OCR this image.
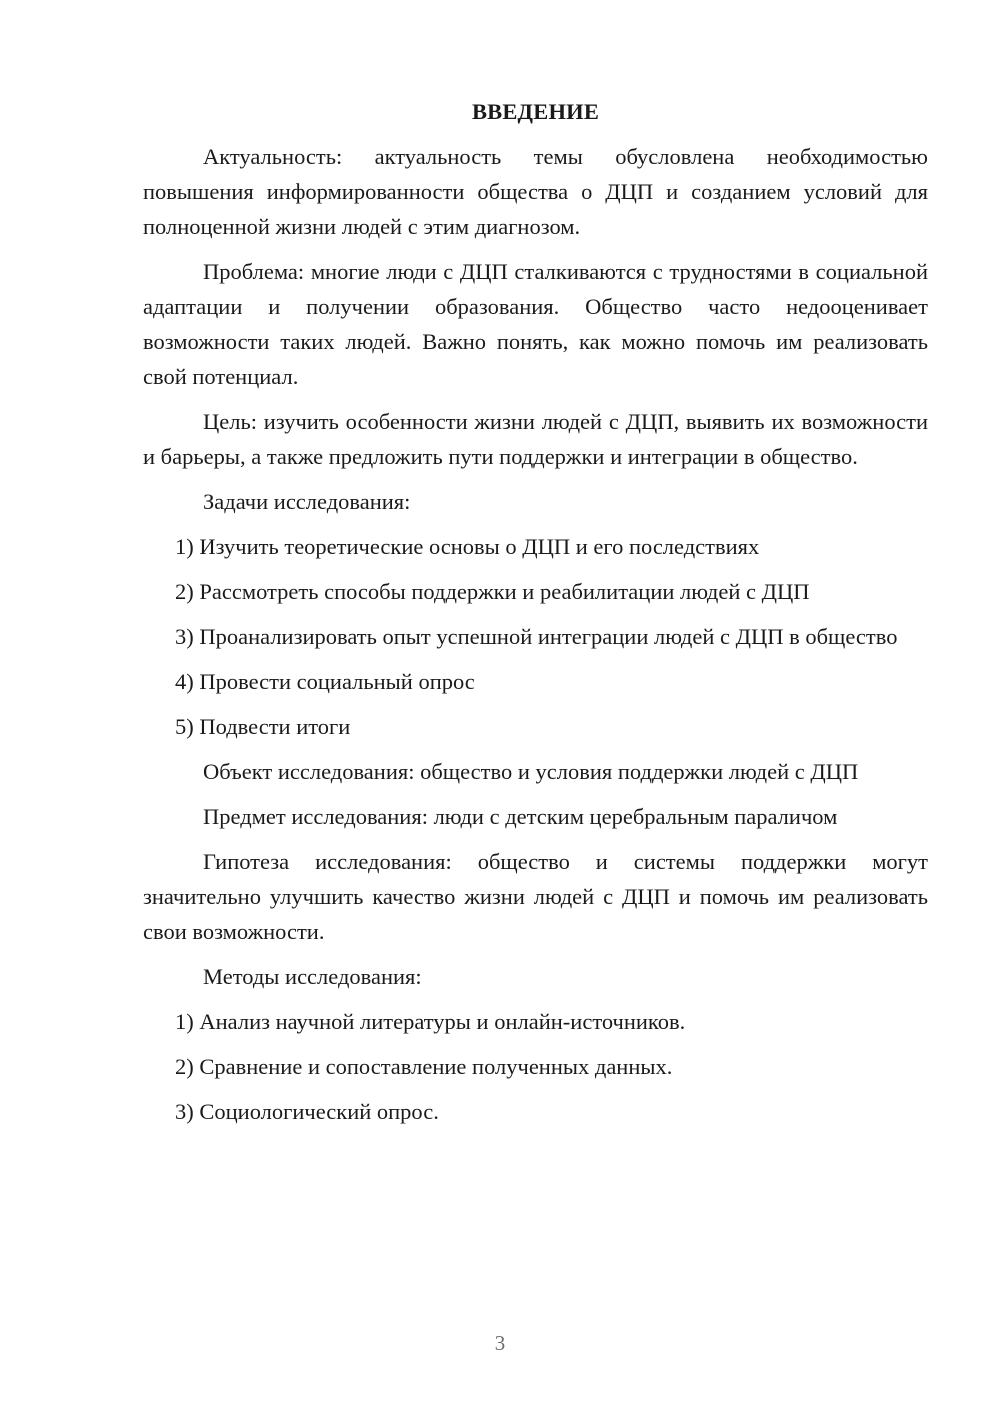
ВВЕДЕНИЕ
Актуальность: актуальность темы обусловлена необходимостью повышения информированности общества о ДЦП и созданием условий для полноценной жизни людей с этим диагнозом.
Проблема: многие люди с ДЦП сталкиваются с трудностями в социальной адаптации и получении образования. Общество часто недооценивает возможности таких людей. Важно понять, как можно помочь им реализовать свой потенциал.
Цель: изучить особенности жизни людей с ДЦП, выявить их возможности и барьеры, а также предложить пути поддержки и интеграции в общество.
Задачи исследования:
1) Изучить теоретические основы о ДЦП и его последствиях
2) Рассмотреть способы поддержки и реабилитации людей с ДЦП
3) Проанализировать опыт успешной интеграции людей с ДЦП в общество
4) Провести социальный опрос
5) Подвести итоги
Объект исследования: общество и условия поддержки людей с ДЦП
Предмет исследования: люди с детским церебральным параличом
Гипотеза исследования: общество и системы поддержки могут значительно улучшить качество жизни людей с ДЦП и помочь им реализовать свои возможности.
Методы исследования:
1) Анализ научной литературы и онлайн-источников.
2) Сравнение и сопоставление полученных данных.
3) Социологический опрос.
3
